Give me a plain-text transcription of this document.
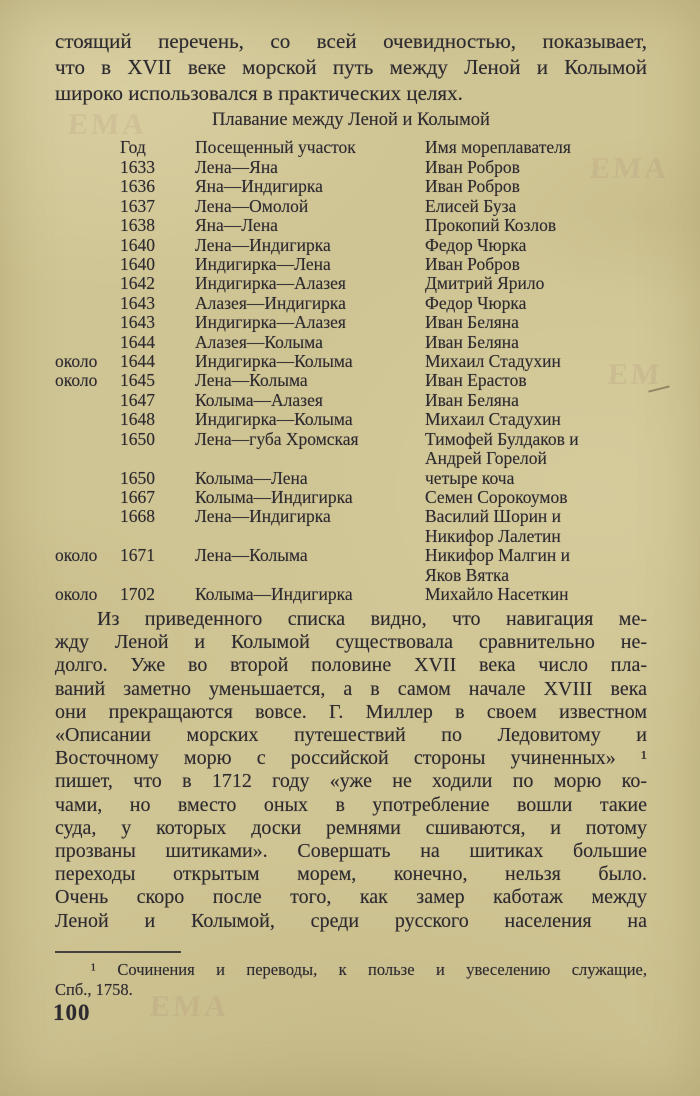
стоящий перечень, со всей очевидностью, показывает,
что в XVII веке морской путь между Леной и Колымой
широко использовался в практических целях.
Плавание между Леной и Колымой
Год	Посещенный участок	Имя мореплавателя
1633	Лена—Яна	Иван Робров
1636	Яна—Индигирка	Иван Робров
1637	Лена—Омолой	Елисей Буза
1638	Яна—Лена	Прокопий Козлов
1640	Лена—Индигирка	Федор Чюрка
1640	Индигирка—Лена	Иван Робров
1642	Индигирка—Алазея	Дмитрий Ярило
1643	Алазея—Индигирка	Федор Чюрка
1643	Индигирка—Алазея	Иван Беляна
1644	Алазея—Колыма	Иван Беляна
около	1644	Индигирка—Колыма	Михаил Стадухин
около	1645	Лена—Колыма	Иван Ерастов
1647	Колыма—Алазея	Иван Беляна
1648	Индигирка—Колыма	Михаил Стадухин
1650	Лена—губа Хромская	Тимофей Булдаков и
Андрей Горелой
1650	Колыма—Лена	четыре коча
1667	Колыма—Индигирка	Семен Сорокоумов
1668	Лена—Индигирка	Василий Шорин и
Никифор Лалетин
около	1671	Лена—Колыма	Никифор Малгин и
Яков Вятка
около	1702	Колыма—Индигирка	Михайло Насеткин
Из приведенного списка видно, что навигация ме-
жду Леной и Колымой существовала сравнительно не-
долго. Уже во второй половине XVII века число пла-
ваний заметно уменьшается, а в самом начале XVIII века
они прекращаются вовсе. Г. Миллер в своем известном
«Описании морских путешествий по Ледовитому и
Восточному морю с российской стороны учиненных» ¹
пишет, что в 1712 году «уже не ходили по морю ко-
чами, но вместо оных в употребление вошли такие
суда, у которых доски ремнями сшиваются, и потому
прозваны шитиками». Совершать на шитиках большие
переходы открытым морем, конечно, нельзя было.
Очень скоро после того, как замер каботаж между
Леной и Колымой, среди русского населения на
¹ Сочинения и переводы, к пользе и увеселению служащие,
Спб., 1758.
100
ЕМА
ЕМА
ЕМ
ЕМА
